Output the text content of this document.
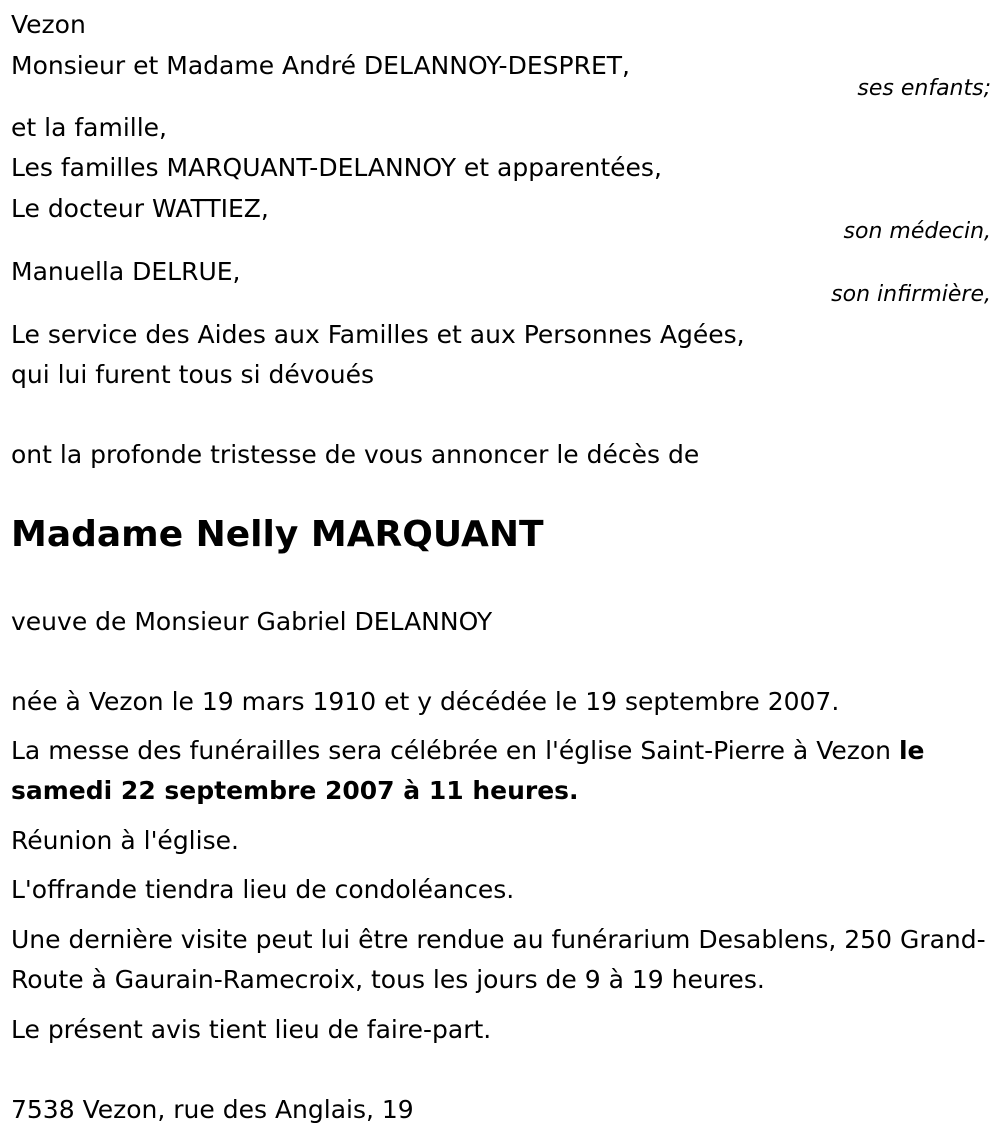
Vezon
Monsieur et Madame André DELANNOY-DESPRET,
ses enfants;
et la famille,
Les familles MARQUANT-DELANNOY et apparentées,
Le docteur WATTIEZ,
son médecin,
Manuella DELRUE,
son infirmière,
Le service des Aides aux Familles et aux Personnes Agées,
qui lui furent tous si dévoués
ont la profonde tristesse de vous annoncer le décès de
Madame Nelly MARQUANT
veuve de Monsieur Gabriel DELANNOY
née à Vezon le 19 mars 1910 et y décédée le 19 septembre 2007.
La messe des funérailles sera célébrée en l'église Saint-Pierre à Vezon le samedi 22 septembre 2007 à 11 heures.
Réunion à l'église.
L'offrande tiendra lieu de condoléances.
Une dernière visite peut lui être rendue au funérarium Desablens, 250 Grand-Route à Gaurain-Ramecroix, tous les jours de 9 à 19 heures.
Le présent avis tient lieu de faire-part.
7538 Vezon, rue des Anglais, 19
